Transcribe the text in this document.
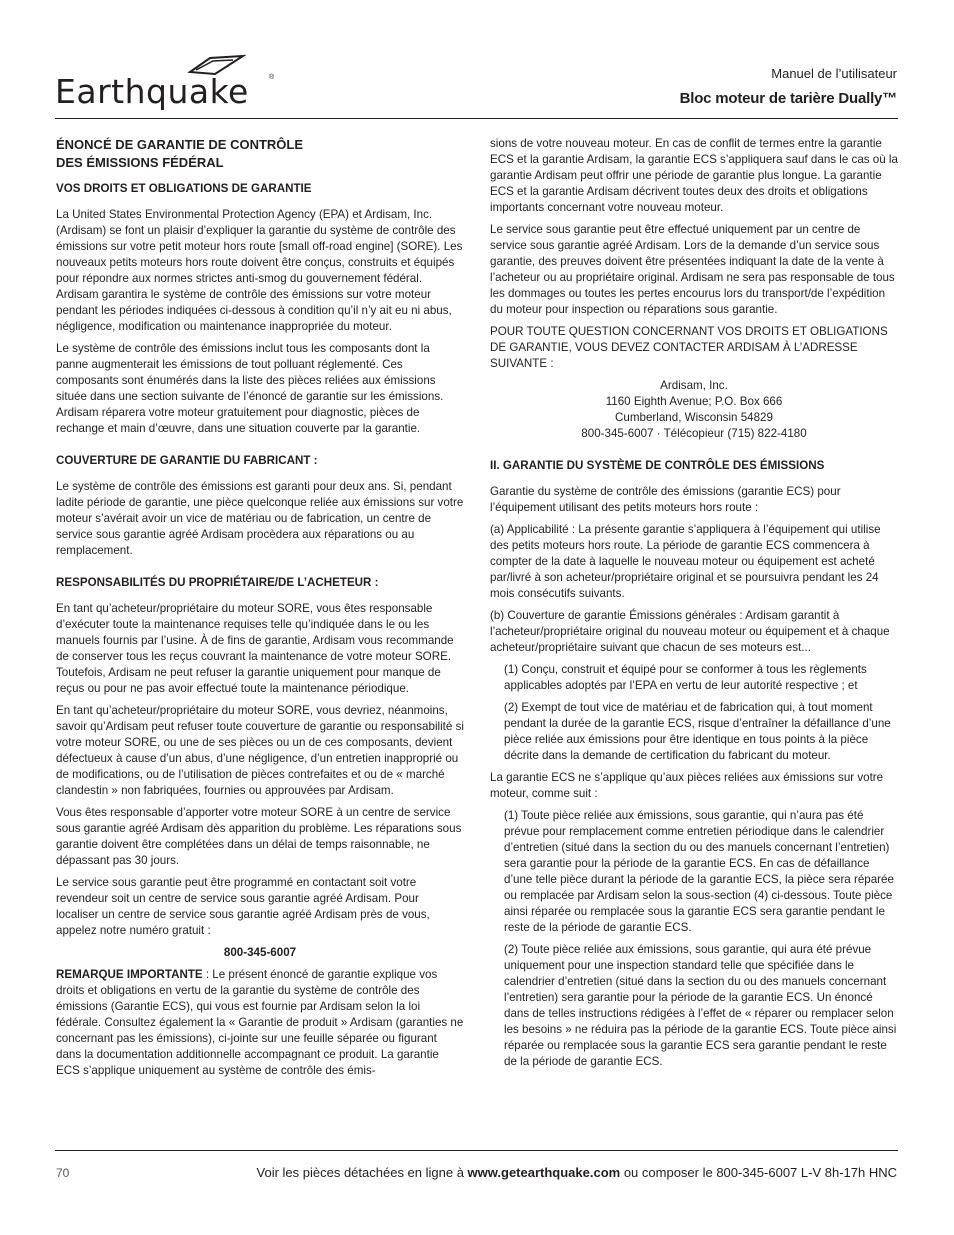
Earthquake	®	Manuel de l’utilisateur
Bloc moteur de tarière Dually™
ÉNONCÉ DE GARANTIE DE CONTRÔLE
DES ÉMISSIONS FÉDÉRAL
VOS DROITS ET OBLIGATIONS DE GARANTIE

La United States Environmental Protection Agency (EPA) et Ardisam, Inc. (Ardisam) se font un plaisir d’expliquer la garantie du système de contrôle des émissions sur votre petit moteur hors route [small off-road engine] (SORE). Les nouveaux petits moteurs hors route doivent être conçus, construits et équipés pour répondre aux normes strictes anti-smog du gouvernement fédéral. Ardisam garantira le système de contrôle des émissions sur votre moteur pendant les périodes indiquées ci-dessous à condition qu’il n’y ait eu ni abus, négligence, modification ou maintenance inappropriée du moteur.

Le système de contrôle des émissions inclut tous les composants dont la panne augmenterait les émissions de tout polluant réglementé. Ces composants sont énumérés dans la liste des pièces reliées aux émissions située dans une section suivante de l’énoncé de garantie sur les émissions. Ardisam réparera votre moteur gratuitement pour diagnostic, pièces de rechange et main d’œuvre, dans une situation couverte par la garantie.

COUVERTURE DE GARANTIE DU FABRICANT :

Le système de contrôle des émissions est garanti pour deux ans. Si, pendant ladite période de garantie, une pièce quelconque reliée aux émissions sur votre moteur s’avérait avoir un vice de matériau ou de fabrication, un centre de service sous garantie agréé Ardisam procèdera aux réparations ou au remplacement.

RESPONSABILITÉS DU PROPRIÉTAIRE/DE L’ACHETEUR :

En tant qu’acheteur/propriétaire du moteur SORE, vous êtes responsable d’exécuter toute la maintenance requises telle qu’indiquée dans le ou les manuels fournis par l’usine. À de fins de garantie, Ardisam vous recommande de conserver tous les reçus couvrant la maintenance de votre moteur SORE. Toutefois, Ardisam ne peut refuser la garantie uniquement pour manque de reçus ou pour ne pas avoir effectué toute la maintenance périodique.

En tant qu’acheteur/propriétaire du moteur SORE, vous devriez, néanmoins, savoir qu’Ardisam peut refuser toute couverture de garantie ou responsabilité si votre moteur SORE, ou une de ses pièces ou un de ces composants, devient défectueux à cause d’un abus, d’une négligence, d’un entretien inapproprié ou de modifications, ou de l’utilisation de pièces contrefaites et ou de « marché clandestin » non fabriquées, fournies ou approuvées par Ardisam.

Vous êtes responsable d’apporter votre moteur SORE à un centre de service sous garantie agréé Ardisam dès apparition du problème. Les réparations sous garantie doivent être complétées dans un délai de temps raisonnable, ne dépassant pas 30 jours.

Le service sous garantie peut être programmé en contactant soit votre revendeur soit un centre de service sous garantie agréé Ardisam. Pour localiser un centre de service sous garantie agréé Ardisam près de vous, appelez notre numéro gratuit :

800-345-6007

REMARQUE IMPORTANTE : Le présent énoncé de garantie explique vos droits et obligations en vertu de la garantie du système de contrôle des émissions (Garantie ECS), qui vous est fournie par Ardisam selon la loi fédérale. Consultez également la « Garantie de produit » Ardisam (garanties ne concernant pas les émissions), ci-jointe sur une feuille séparée ou figurant dans la documentation additionnelle accompagnant ce produit. La garantie ECS s’applique uniquement au système de contrôle des émis-

sions de votre nouveau moteur. En cas de conflit de termes entre la garantie ECS et la garantie Ardisam, la garantie ECS s’appliquera sauf dans le cas où la garantie Ardisam peut offrir une période de garantie plus longue. La garantie ECS et la garantie Ardisam décrivent toutes deux des droits et obligations importants concernant votre nouveau moteur.

Le service sous garantie peut être effectué uniquement par un centre de service sous garantie agréé Ardisam. Lors de la demande d’un service sous garantie, des preuves doivent être présentées indiquant la date de la vente à l’acheteur ou au propriétaire original. Ardisam ne sera pas responsable de tous les dommages ou toutes les pertes encourus lors du transport/de l’expédition du moteur pour inspection ou réparations sous garantie.

POUR TOUTE QUESTION CONCERNANT VOS DROITS ET OBLIGATIONS DE GARANTIE, VOUS DEVEZ CONTACTER ARDISAM À L’ADRESSE SUIVANTE :

Ardisam, Inc.
1160 Eighth Avenue; P.O. Box 666
Cumberland, Wisconsin 54829
800-345-6007 · Télécopieur (715) 822-4180
II. GARANTIE DU SYSTÈME DE CONTRÔLE DES ÉMISSIONS

Garantie du système de contrôle des émissions (garantie ECS) pour l’équipement utilisant des petits moteurs hors route :

(a) Applicabilité : La présente garantie s’appliquera à l’équipement qui utilise des petits moteurs hors route. La période de garantie ECS commencera à compter de la date à laquelle le nouveau moteur ou équipement est acheté par/livré à son acheteur/propriétaire original et se poursuivra pendant les 24 mois consécutifs suivants.

(b) Couverture de garantie Émissions générales : Ardisam garantit à l’acheteur/propriétaire original du nouveau moteur ou équipement et à chaque acheteur/propriétaire suivant que chacun de ses moteurs est...

(1) Conçu, construit et équipé pour se conformer à tous les règlements applicables adoptés par l’EPA en vertu de leur autorité respective ; et

(2) Exempt de tout vice de matériau et de fabrication qui, à tout moment pendant la durée de la garantie ECS, risque d’entraîner la défaillance d’une pièce reliée aux émissions pour être identique en tous points à la pièce décrite dans la demande de certification du fabricant du moteur.

La garantie ECS ne s’applique qu’aux pièces reliées aux émissions sur votre moteur, comme suit :

(1) Toute pièce reliée aux émissions, sous garantie, qui n’aura pas été prévue pour remplacement comme entretien périodique dans le calendrier d’entretien (situé dans la section du ou des manuels concernant l’entretien) sera garantie pour la période de la garantie ECS. En cas de défaillance d’une telle pièce durant la période de la garantie ECS, la pièce sera réparée ou remplacée par Ardisam selon la sous-section (4) ci-dessous. Toute pièce ainsi réparée ou remplacée sous la garantie ECS sera garantie pendant le reste de la période de garantie ECS.

(2) Toute pièce reliée aux émissions, sous garantie, qui aura été prévue uniquement pour une inspection standard telle que spécifiée dans le calendrier d’entretien (situé dans la section du ou des manuels concernant l’entretien) sera garantie pour la période de la garantie ECS. Un énoncé dans de telles instructions rédigées à l’effet de « réparer ou remplacer selon les besoins » ne réduira pas la période de la garantie ECS. Toute pièce ainsi réparée ou remplacée sous la garantie ECS sera garantie pendant le reste de la période de garantie ECS.

70	Voir les pièces détachées en ligne à www.getearthquake.com ou composer le 800-345-6007 L-V 8h-17h HNC
